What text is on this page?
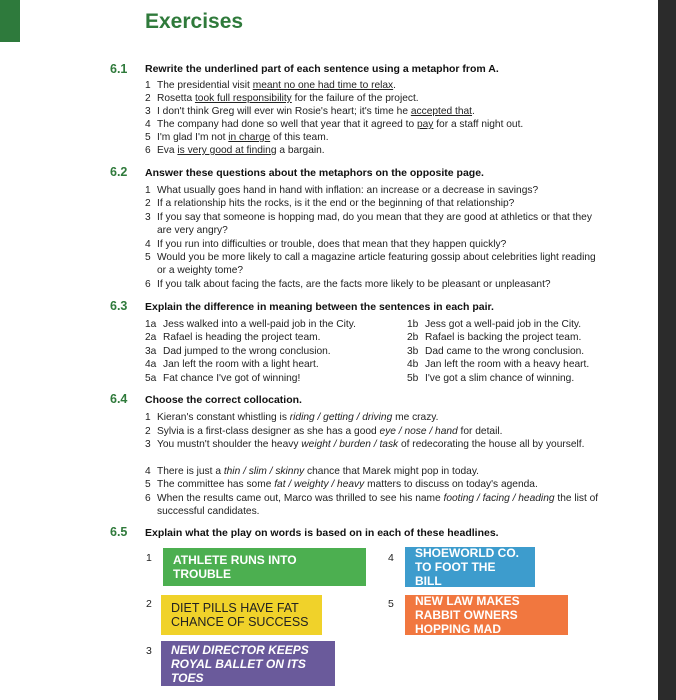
Exercises
6.1 Rewrite the underlined part of each sentence using a metaphor from A.
1 The presidential visit meant no one had time to relax.
2 Rosetta took full responsibility for the failure of the project.
3 I don't think Greg will ever win Rosie's heart; it's time he accepted that.
4 The company had done so well that year that it agreed to pay for a staff night out.
5 I'm glad I'm not in charge of this team.
6 Eva is very good at finding a bargain.
6.2 Answer these questions about the metaphors on the opposite page.
1 What usually goes hand in hand with inflation: an increase or a decrease in savings?
2 If a relationship hits the rocks, is it the end or the beginning of that relationship?
3 If you say that someone is hopping mad, do you mean that they are good at athletics or that they are very angry?
4 If you run into difficulties or trouble, does that mean that they happen quickly?
5 Would you be more likely to call a magazine article featuring gossip about celebrities light reading or a weighty tome?
6 If you talk about facing the facts, are the facts more likely to be pleasant or unpleasant?
6.3 Explain the difference in meaning between the sentences in each pair.
1a Jess walked into a well-paid job in the City.	1b Jess got a well-paid job in the City.
2a Rafael is heading the project team.	2b Rafael is backing the project team.
3a Dad jumped to the wrong conclusion.	3b Dad came to the wrong conclusion.
4a Jan left the room with a light heart.	4b Jan left the room with a heavy heart.
5a Fat chance I've got of winning!	5b I've got a slim chance of winning.
6.4 Choose the correct collocation.
1 Kieran's constant whistling is riding / getting / driving me crazy.
2 Sylvia is a first-class designer as she has a good eye / nose / hand for detail.
3 You mustn't shoulder the heavy weight / burden / task of redecorating the house all by yourself.
4 There is just a thin / slim / skinny chance that Marek might pop in today.
5 The committee has some fat / weighty / heavy matters to discuss on today's agenda.
6 When the results came out, Marco was thrilled to see his name footing / facing / heading the list of successful candidates.
6.5 Explain what the play on words is based on in each of these headlines.
1	ATHLETE RUNS INTO TROUBLE
2	DIET PILLS HAVE FAT CHANCE OF SUCCESS
3	NEW DIRECTOR KEEPS ROYAL BALLET ON ITS TOES
4	SHOEWORLD CO. TO FOOT THE BILL
5	NEW LAW MAKES RABBIT OWNERS HOPPING MAD
